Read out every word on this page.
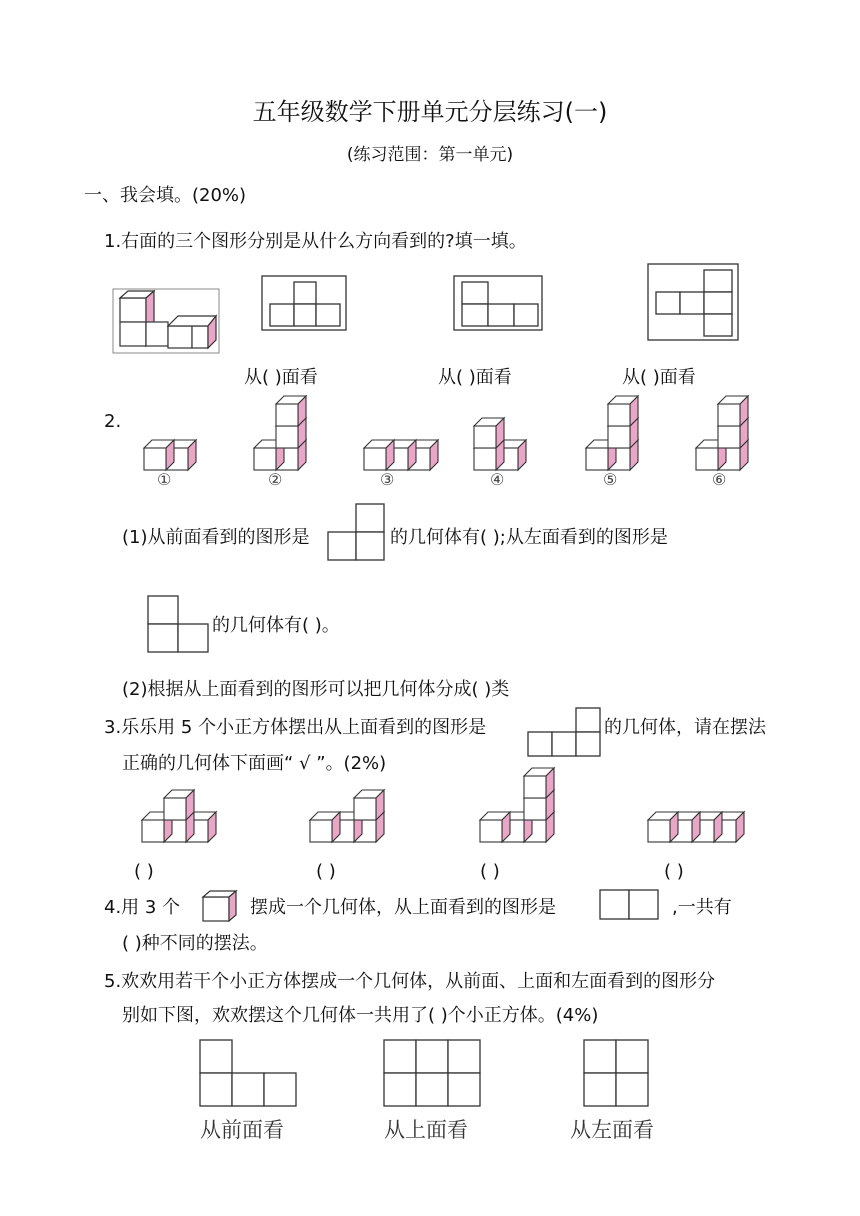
五年级数学下册单元分层练习(一)
(练习范围：第一单元)
一、我会填。(20%)
1.右面的三个图形分别是从什么方向看到的?填一填。
从( )面看	从( )面看	从( )面看
2.
①	②	③	④	⑤	⑥
(1)从前面看到的图形是	的几何体有( );从左面看到的图形是
的几何体有( )。
(2)根据从上面看到的图形可以把几何体分成( )类
3.乐乐用 5 个小正方体摆出从上面看到的图形是	的几何体，请在摆法
正确的几何体下面画“ √ ”。(2%)
( )	( )	( )	( )
4.用 3 个	摆成一个几何体，从上面看到的图形是	,一共有
( )种不同的摆法。
5.欢欢用若干个小正方体摆成一个几何体，从前面、上面和左面看到的图形分
别如下图，欢欢摆这个几何体一共用了( )个小正方体。(4%)
从前面看	从上面看	从左面看
